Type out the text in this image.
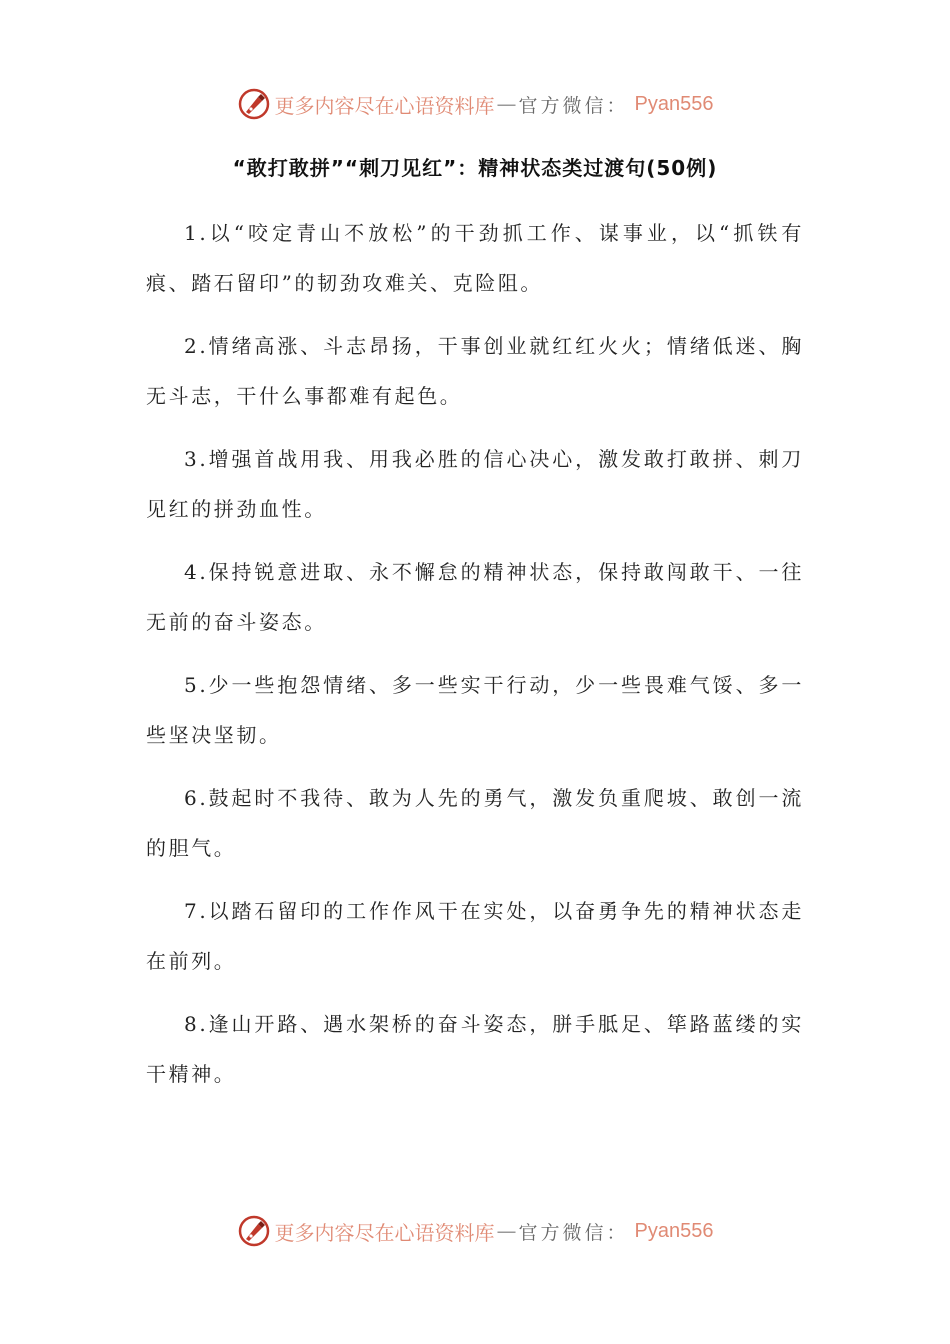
更多内容尽在心语资料库 — 官方微信： Pyan556
“敢打敢拼”“刺刀见红”：精神状态类过渡句(50例)
1.以“咬定青山不放松”的干劲抓工作、谋事业，以“抓铁有痕、踏石留印”的韧劲攻难关、克险阻。
2.情绪高涨、斗志昂扬，干事创业就红红火火；情绪低迷、胸无斗志，干什么事都难有起色。
3.增强首战用我、用我必胜的信心决心，激发敢打敢拼、刺刀见红的拼劲血性。
4.保持锐意进取、永不懈怠的精神状态，保持敢闯敢干、一往无前的奋斗姿态。
5.少一些抱怨情绪、多一些实干行动，少一些畏难气馁、多一些坚决坚韧。
6.鼓起时不我待、敢为人先的勇气，激发负重爬坡、敢创一流的胆气。
7.以踏石留印的工作作风干在实处，以奋勇争先的精神状态走在前列。
8.逢山开路、遇水架桥的奋斗姿态，胼手胝足、筚路蓝缕的实干精神。
更多内容尽在心语资料库 — 官方微信： Pyan556
